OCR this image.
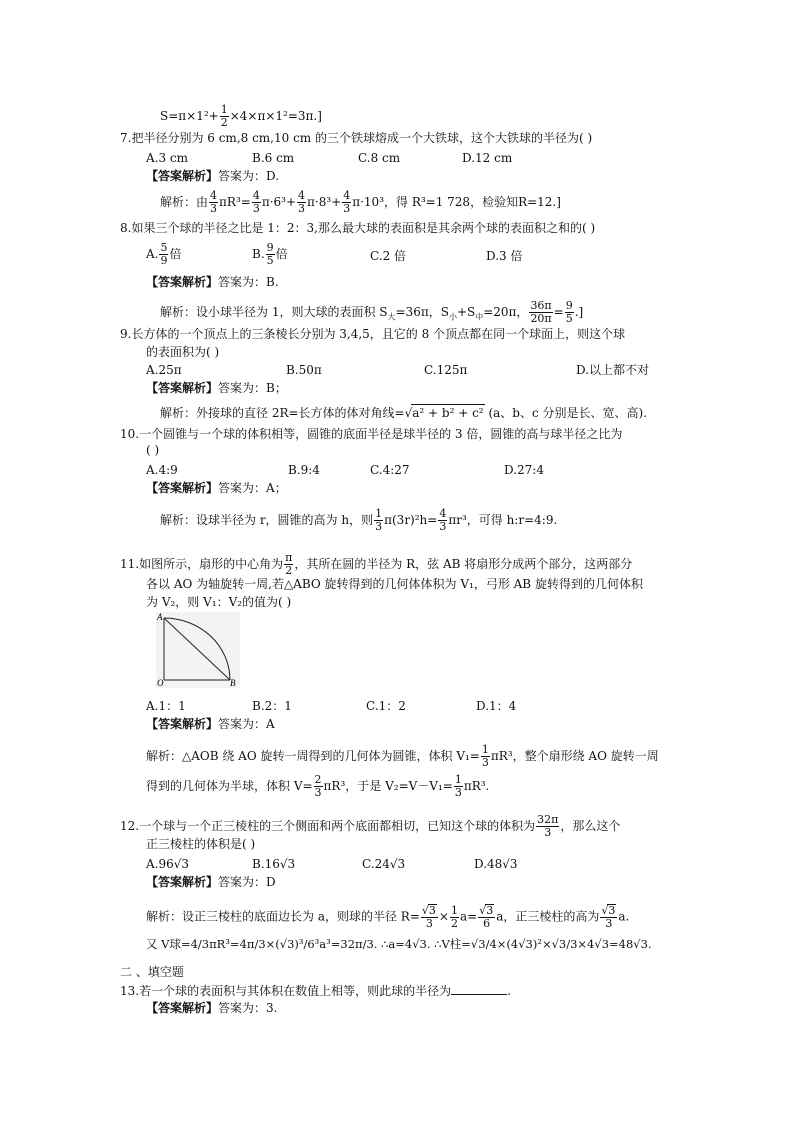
$S=\pi\times 1^2+ \frac{1}{2} \times 4\times\pi\times 1^2=3\pi$.]
7.把半径分别为 6 cm,8 cm,10 cm 的三个铁球熔成一个大铁球，这个大铁球的半径为( )
A.3 cm	B.6 cm	C.8 cm	D.12 cm
【答案解析】答案为：D.
解析：由 $\frac{4}{3} \pi R^3= \frac{4}{3} \pi\cdot 6^3+ \frac{4}{3} \pi\cdot 8^3+ \frac{4}{3} \pi\cdot 10^3$，得 R³=1 728，检验知R=12.]
8.如果三个球的半径之比是 1：2：3,那么最大球的表面积是其余两个球的表面积之和的( )
A. $\frac{5}{9}$ 倍	B. $\frac{9}{5}$ 倍	C.2 倍	D.3 倍
【答案解析】答案为：B.
解析：设小球半径为 1，则大球的表面积 $S_大=36\pi$，$S_小+S_中=20\pi$， $\frac{36\pi}{20\pi} = \frac{9}{5}$ .]
9.长方体的一个顶点上的三条棱长分别为 3,4,5，且它的 8 个顶点都在同一个球面上，则这个球
的表面积为( )
A.25π	B.50π	C.125π	D.以上都不对
【答案解析】答案为：B；
解析：外接球的直径 2R=长方体的体对角线=√a² + b² + c² (a、b、c 分别是长、宽、高).
10.一个圆锥与一个球的体积相等，圆锥的底面半径是球半径的 3 倍，圆锥的高与球半径之比为
( )
A.4:9	B.9:4	C.4:27	D.27:4
【答案解析】答案为：A；
解析：设球半径为 r，圆锥的高为 h，则 $\frac{1}{3} \pi(3r)^2h= \frac{4}{3} \pi r^3$，可得 h:r=4:9.
11.如图所示，扇形的中心角为 $\frac{\pi}{2}$ ，其所在圆的半径为 R，弦 AB 将扇形分成两个部分，这两部分
各以 AO 为轴旋转一周,若△ABO 旋转得到的几何体体积为 V₁，弓形 AB 旋转得到的几何体积
为 V₂，则 V₁：V₂的值为( )
A
O	B
A.1：1	B.2：1	C.1：2	D.1：4
【答案解析】答案为：A
解析：△AOB 绕 AO 旋转一周得到的几何体为圆锥，体积 $V_1= \frac{1}{3} \pi R^3$，整个扇形绕 AO 旋转一周
得到的几何体为半球，体积 $V= \frac{2}{3} \pi R^3$，于是 $V_2=V-V_1= \frac{1}{3} \pi R^3$.
12.一个球与一个正三棱柱的三个侧面和两个底面都相切，已知这个球的体积为 $\frac{32\pi}{3}$ ，那么这个
正三棱柱的体积是( )
A.96√3	B.16√3	C.24√3	D.48√3
【答案解析】答案为：D
解析：设正三棱柱的底面边长为 a，则球的半径 $R= \frac{√3}{3} \times \frac{1}{2} a= \frac{√3}{6}$ a，正三棱柱的高为 $\frac{√3}{3} a$.
又 V球=4/3πR³=4π/3×(√3)³/6³a³=32π/3. ∴a=4√3. ∴V柱=√3/4×(4√3)²×√3/3×4√3=48√3.
二 、填空题
13.若一个球的表面积与其体积在数值上相等，则此球的半径为	.
【答案解析】答案为：3.
